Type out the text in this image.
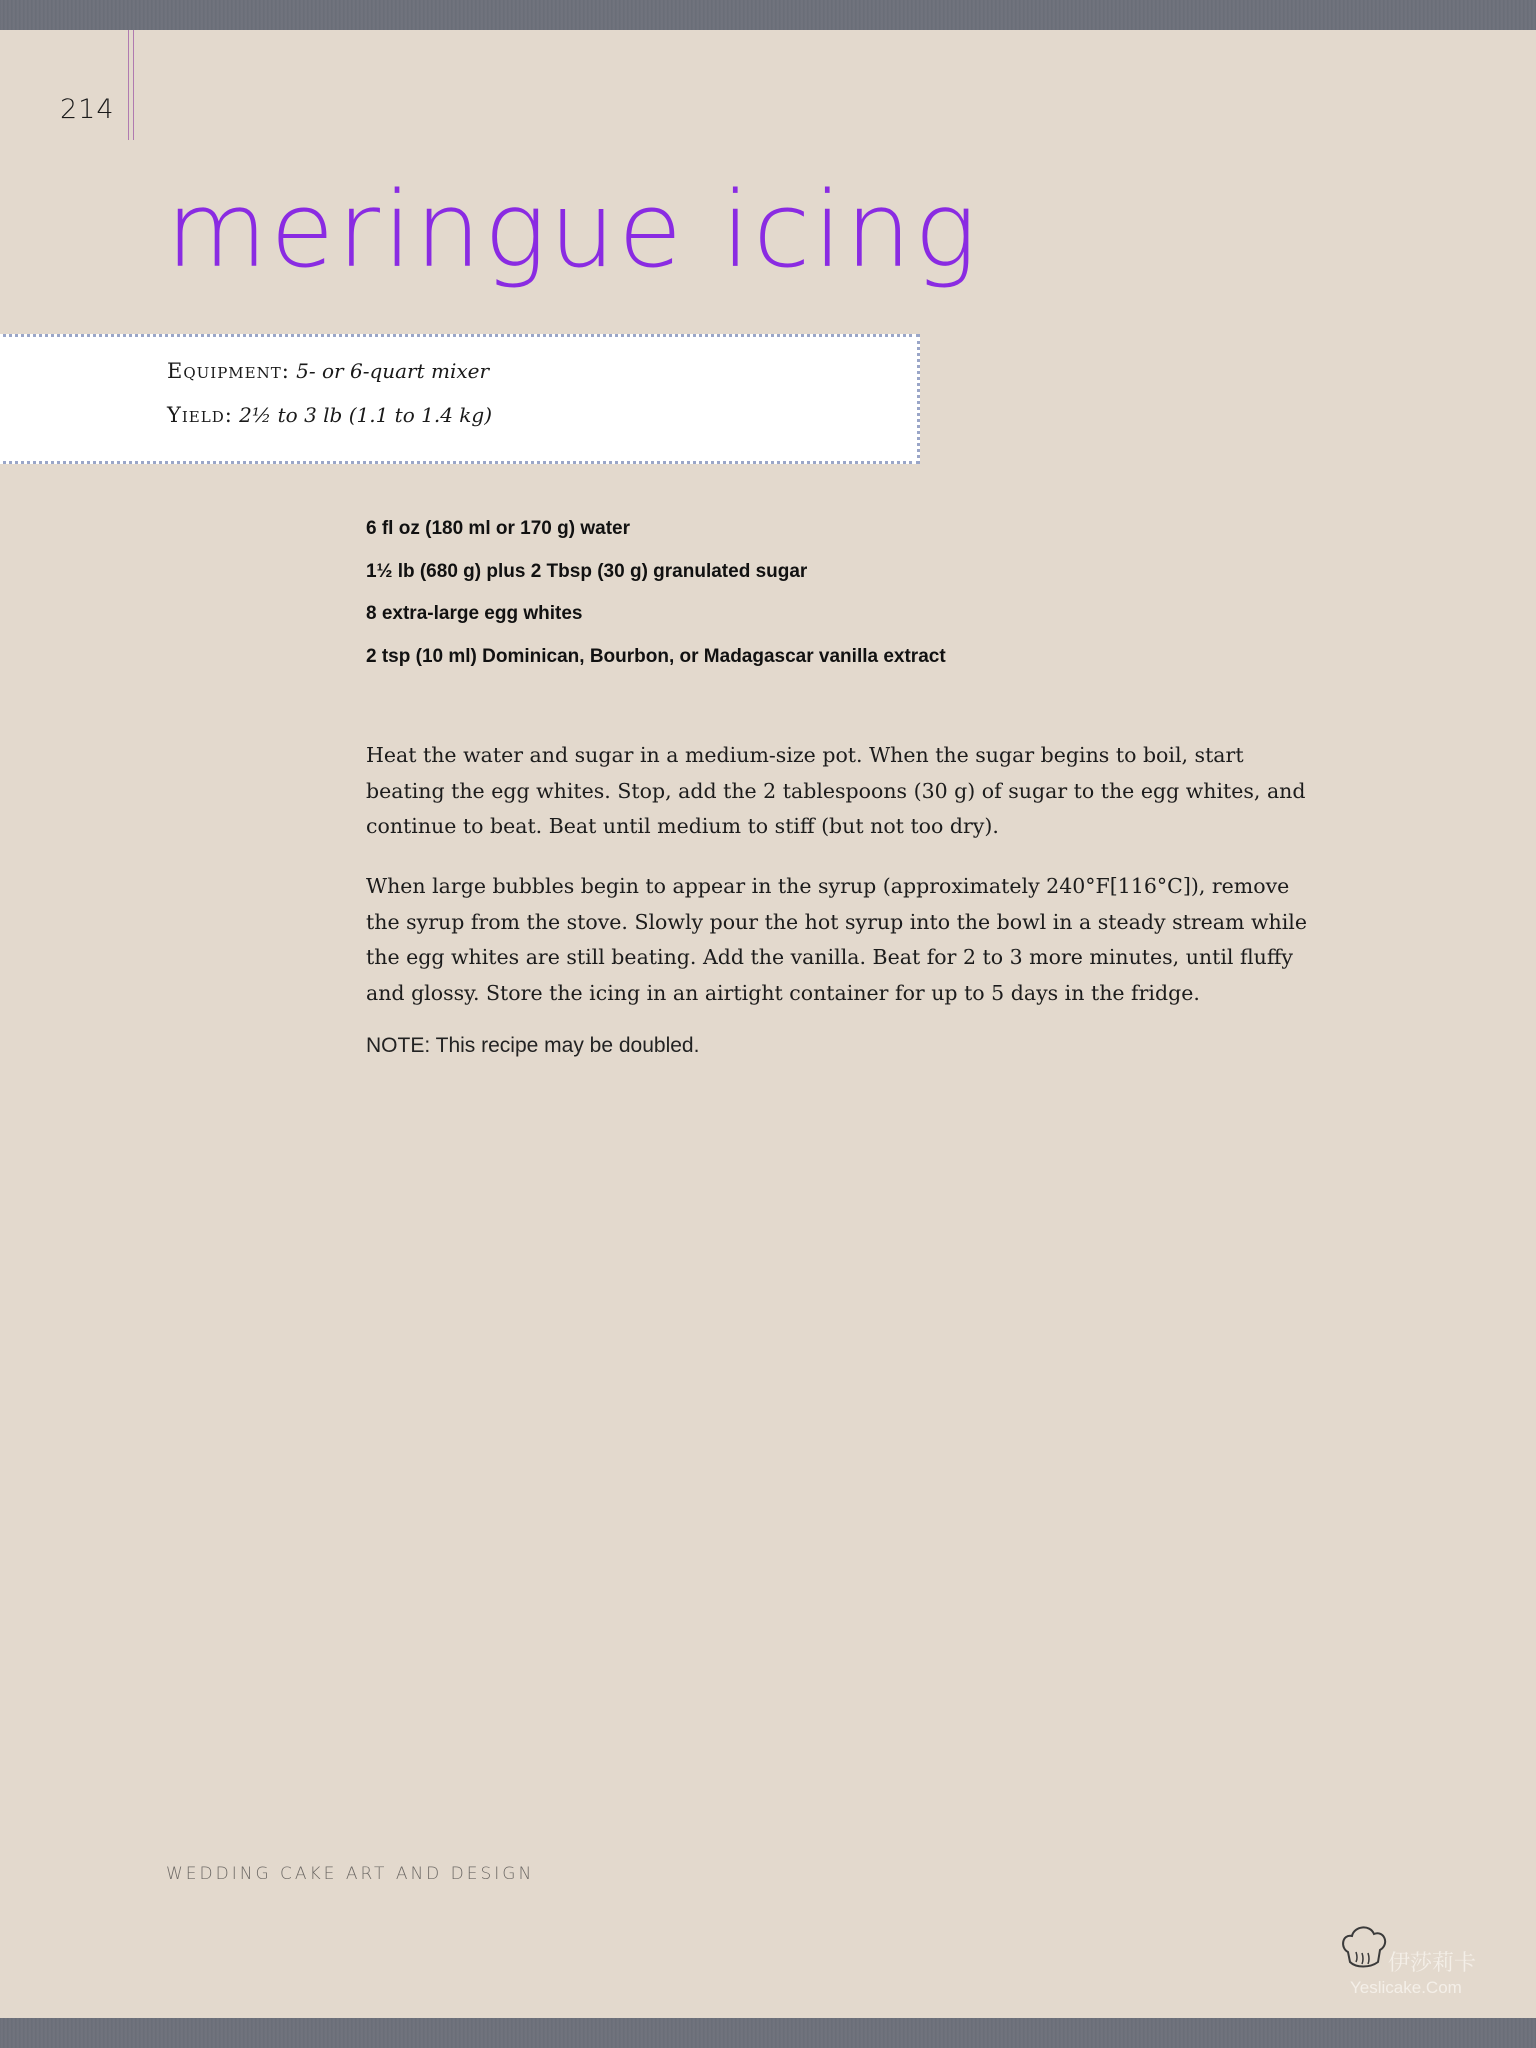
214
meringue icing
Equipment: 5- or 6-quart mixer
Yield: 2½ to 3 lb (1.1 to 1.4 kg)
6 fl oz (180 ml or 170 g) water
1½ lb (680 g) plus 2 Tbsp (30 g) granulated sugar
8 extra-large egg whites
2 tsp (10 ml) Dominican, Bourbon, or Madagascar vanilla extract

Heat the water and sugar in a medium-size pot. When the sugar begins to boil, start beating the egg whites. Stop, add the 2 tablespoons (30 g) of sugar to the egg whites, and continue to beat. Beat until medium to stiff (but not too dry).

When large bubbles begin to appear in the syrup (approximately 240°F[116°C]), remove the syrup from the stove. Slowly pour the hot syrup into the bowl in a steady stream while the egg whites are still beating. Add the vanilla. Beat for 2 to 3 more minutes, until fluffy and glossy. Store the icing in an airtight container for up to 5 days in the fridge.

NOTE: This recipe may be doubled.
WEDDING CAKE ART AND DESIGN
伊莎莉卡
Yeslicake.Com
